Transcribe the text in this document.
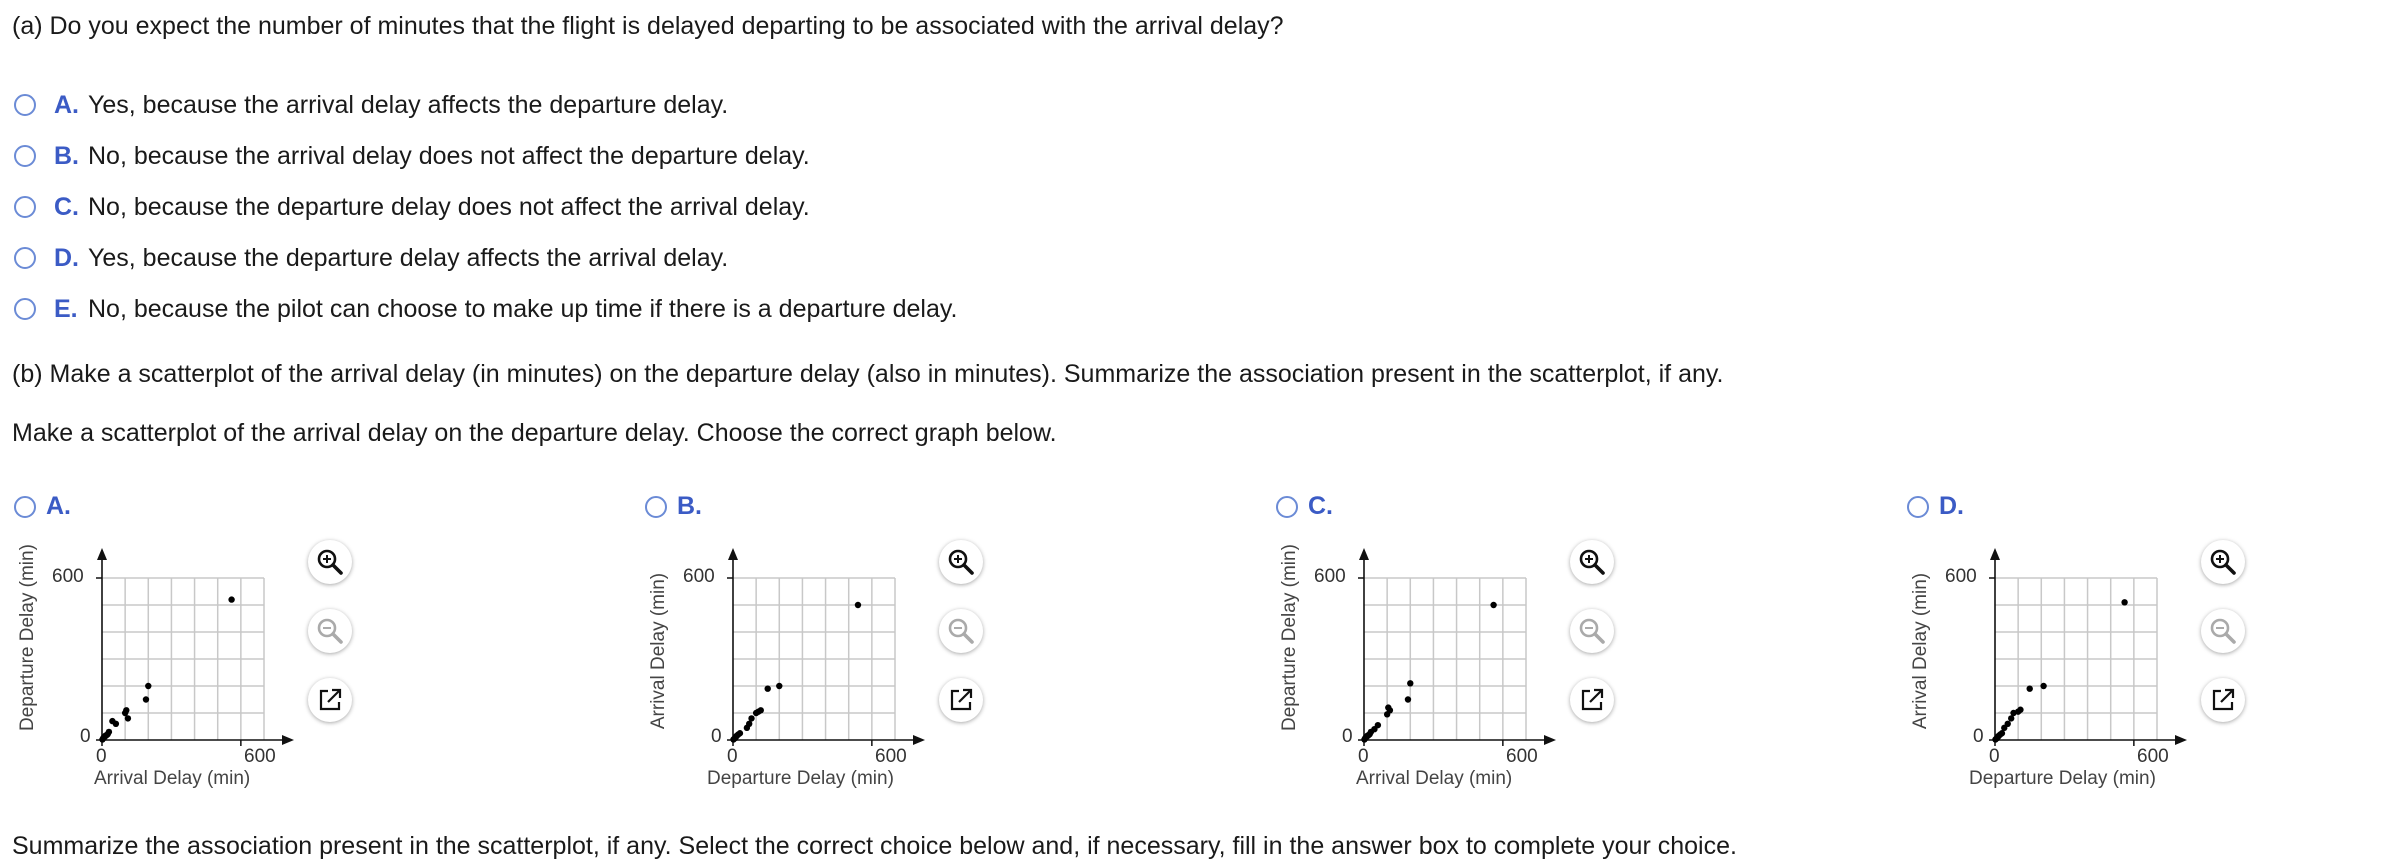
(a) Do you expect the number of minutes that the flight is delayed departing to be associated with the arrival delay?
A. Yes, because the arrival delay affects the departure delay.
B. No, because the arrival delay does not affect the departure delay.
C. No, because the departure delay does not affect the arrival delay.
D. Yes, because the departure delay affects the arrival delay.
E. No, because the pilot can choose to make up time if there is a departure delay.
(b) Make a scatterplot of the arrival delay (in minutes) on the departure delay (also in minutes). Summarize the association present in the scatterplot, if any.
Make a scatterplot of the arrival delay on the departure delay. Choose the correct graph below.
A.	B.	C.	D.
Departure Delay (min) 600
0
0	600
Arrival Delay (min)
Arrival Delay (min) 600
0
0	600
Departure Delay (min)
Departure Delay (min) 600
0
0	600
Arrival Delay (min)
Arrival Delay (min) 600
0
0	600
Departure Delay (min)
Summarize the association present in the scatterplot, if any. Select the correct choice below and, if necessary, fill in the answer box to complete your choice.
